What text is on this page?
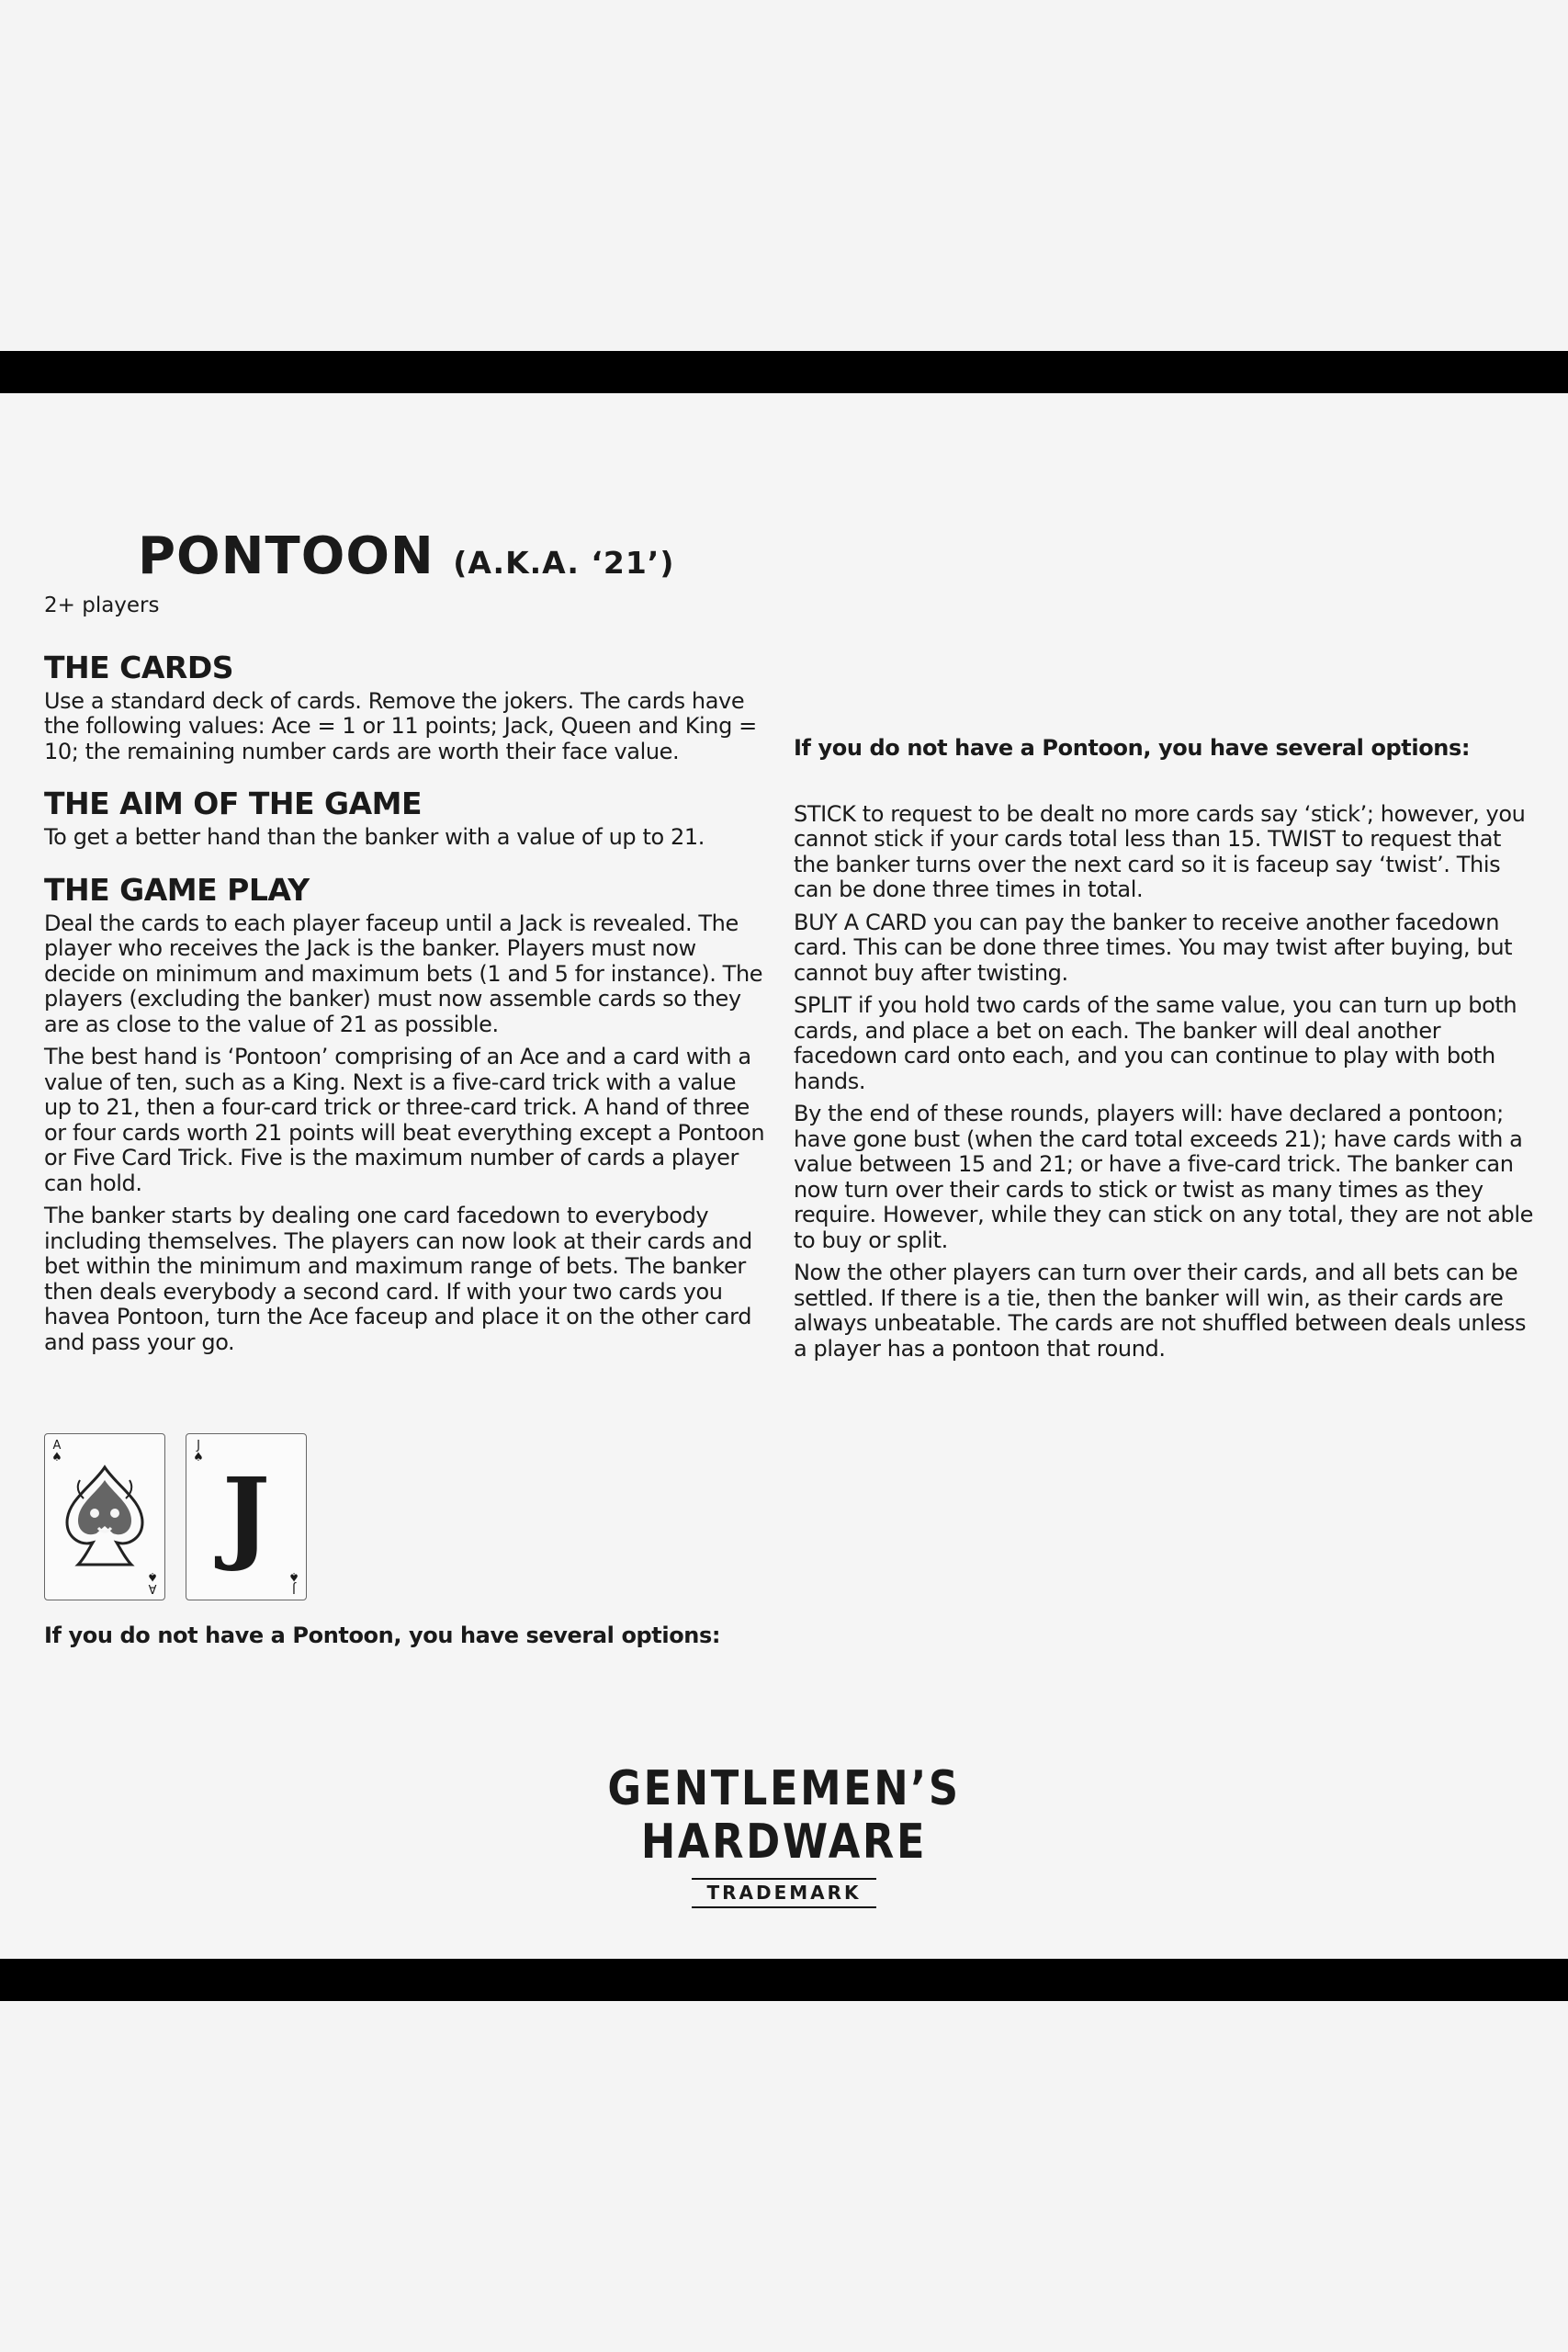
PONTOON (A.K.A. ‘21’)
2+ players
THE CARDS

Use a standard deck of cards. Remove the jokers. The cards have the following values: Ace = 1 or 11 points; Jack, Queen and King = 10; the remaining number cards are worth their face value.

THE AIM OF THE GAME

To get a better hand than the banker with a value of up to 21.

THE GAME PLAY

Deal the cards to each player faceup until a Jack is revealed. The player who receives the Jack is the banker. Players must now decide on minimum and maximum bets (1 and 5 for instance). The players (excluding the banker) must now assemble cards so they are as close to the value of 21 as possible.

The best hand is ‘Pontoon’ comprising of an Ace and a card with a value of ten, such as a King. Next is a five-card trick with a value up to 21, then a four-card trick or three-card trick. A hand of three or four cards worth 21 points will beat everything except a Pontoon or Five Card Trick. Five is the maximum number of cards a player can hold.

The banker starts by dealing one card facedown to everybody including themselves. The players can now look at their cards and bet within the minimum and maximum range of bets. The banker then deals everybody a second card. If with your two cards you havea Pontoon, turn the Ace faceup and place it on the other card and pass your go.

A
♠
A
♠
J
♠ J
J
♠
If you do not have a Pontoon, you have several options:
If you do not have a Pontoon, you have several options:

STICK to request to be dealt no more cards say ‘stick’; however, you cannot stick if your cards total less than 15. TWIST to request that the banker turns over the next card so it is faceup say ‘twist’. This can be done three times in total.

BUY A CARD you can pay the banker to receive another facedown card. This can be done three times. You may twist after buying, but cannot buy after twisting.

SPLIT if you hold two cards of the same value, you can turn up both cards, and place a bet on each. The banker will deal another facedown card onto each, and you can continue to play with both hands.

By the end of these rounds, players will: have declared a pontoon; have gone bust (when the card total exceeds 21); have cards with a value between 15 and 21; or have a five-card trick. The banker can now turn over their cards to stick or twist as many times as they require. However, while they can stick on any total, they are not able to buy or split.

Now the other players can turn over their cards, and all bets can be settled. If there is a tie, then the banker will win, as their cards are always unbeatable. The cards are not shuffled between deals unless a player has a pontoon that round.

GENTLEMEN’S
HARDWARE
TRADEMARK
